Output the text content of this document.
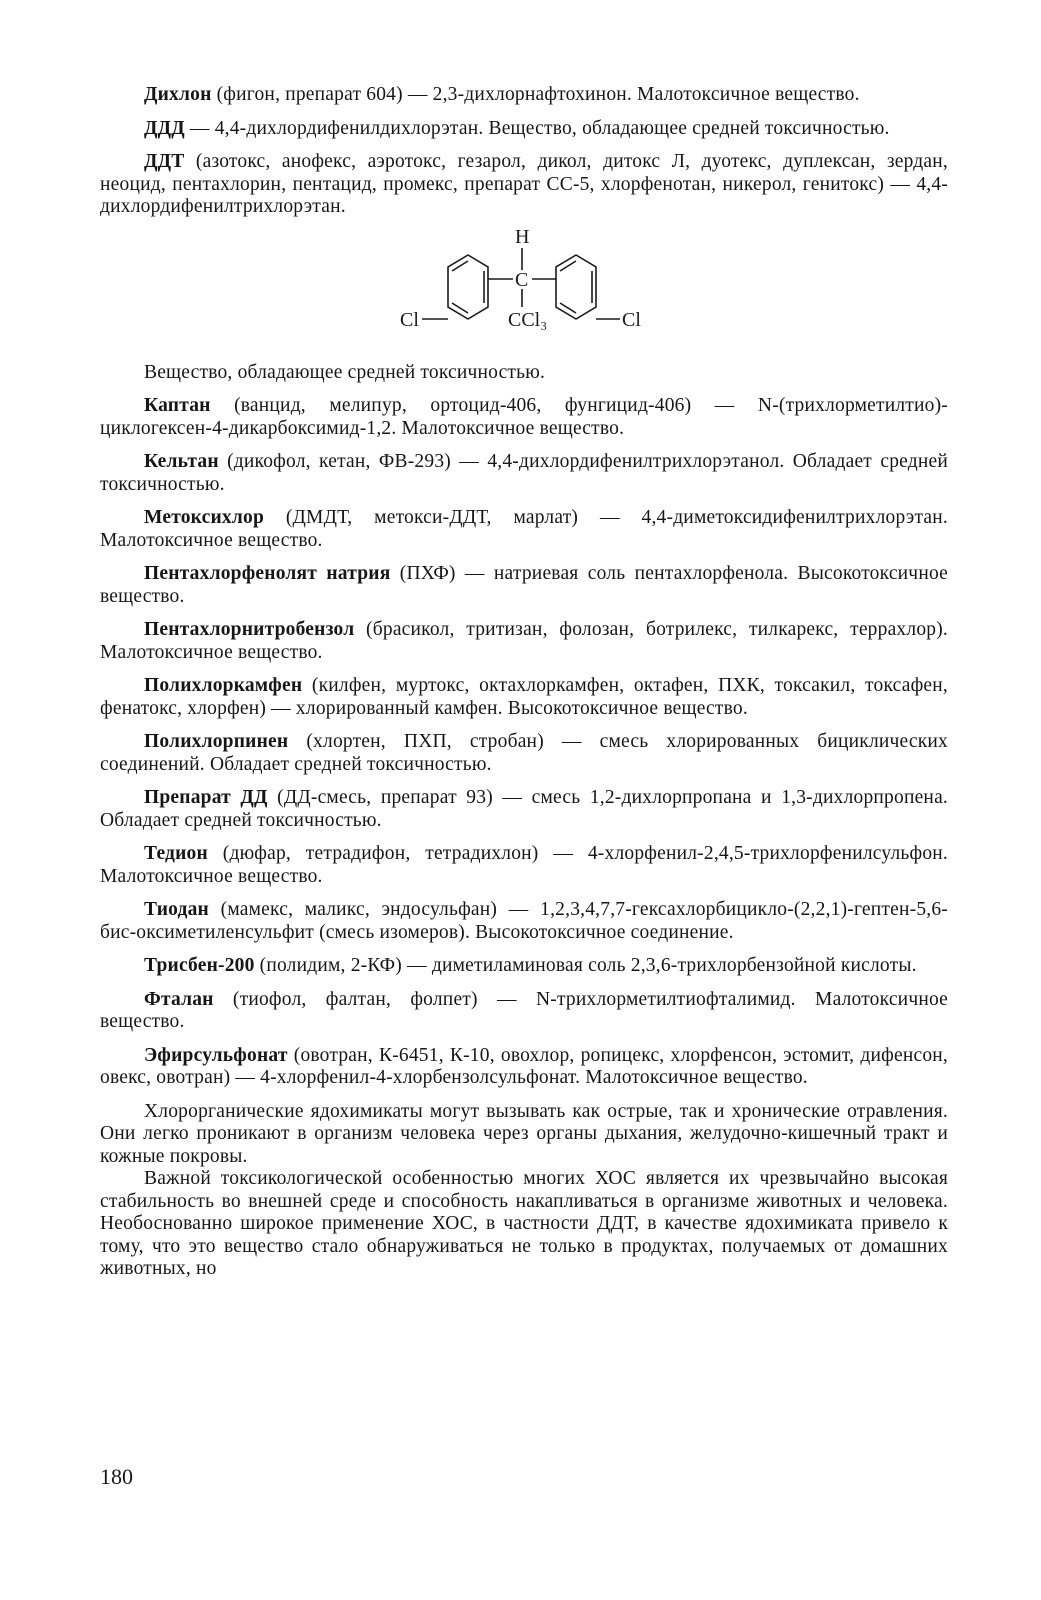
Дихлон (фигон, препарат 604) — 2,3-дихлорнафтохинон. Малотоксичное вещество.

ДДД — 4,4-дихлордифенилдихлорэтан. Вещество, обладающее средней токсичностью.

ДДТ (азотокс, анофекс, аэротокс, гезарол, дикол, дитокс Л, дуотекс, дуплексан, зердан, неоцид, пентахлорин, пентацид, промекс, препарат СС-5, хлорфенотан, никерол, генитокс) — 4,4-дихлордифенилтрихлорэтан.

H
C
Cl	Cl
CCl₃

Вещество, обладающее средней токсичностью.

Каптан (ванцид, мелипур, ортоцид-406, фунгицид-406) — N-(трихлорметилтио)-циклогексен-4-дикарбоксимид-1,2. Малотоксичное вещество.

Кельтан (дикофол, кетан, ФВ-293) — 4,4-дихлордифенилтрихлорэтанол. Обладает средней токсичностью.

Метоксихлор (ДМДТ, метокси-ДДТ, марлат) — 4,4-диметоксидифенилтрихлорэтан. Малотоксичное вещество.

Пентахлорфенолят натрия (ПХФ) — натриевая соль пентахлорфенола. Высокотоксичное вещество.

Пентахлорнитробензол (брасикол, тритизан, фолозан, ботрилекс, тилкарекс, террахлор). Малотоксичное вещество.

Полихлоркамфен (килфен, муртокс, октахлоркамфен, октафен, ПХК, токсакил, токсафен, фенатокс, хлорфен) — хлорированный камфен. Высокотоксичное вещество.

Полихлорпинен (хлортен, ПХП, стробан) — смесь хлорированных бициклических соединений. Обладает средней токсичностью.

Препарат ДД (ДД-смесь, препарат 93) — смесь 1,2-дихлорпропана и 1,3-дихлорпропена. Обладает средней токсичностью.

Тедион (дюфар, тетрадифон, тетрадихлон) — 4-хлорфенил-2,4,5-трихлорфенилсульфон. Малотоксичное вещество.

Тиодан (мамекс, маликс, эндосульфан) — 1,2,3,4,7,7-гексахлорбицикло-(2,2,1)-гептен-5,6-бис-оксиметиленсульфит (смесь изомеров). Высокотоксичное соединение.

Трисбен-200 (полидим, 2-КФ) — диметиламиновая соль 2,3,6-трихлорбензойной кислоты.

Фталан (тиофол, фалтан, фолпет) — N-трихлорметилтиофталимид. Малотоксичное вещество.

Эфирсульфонат (овотран, К-6451, К-10, овохлор, ропицекс, хлорфенсон, эстомит, дифенсон, овекс, овотран) — 4-хлорфенил-4-хлорбензолсульфонат. Малотоксичное вещество.

Хлорорганические ядохимикаты могут вызывать как острые, так и хронические отравления. Они легко проникают в организм человека через органы дыхания, желудочно-кишечный тракт и кожные покровы.

Важной токсикологической особенностью многих ХОС является их чрезвычайно высокая стабильность во внешней среде и способность накапливаться в организме животных и человека. Необоснованно широкое применение ХОС, в частности ДДТ, в качестве ядохимиката привело к тому, что это вещество стало обнаруживаться не только в продуктах, получаемых от домашних животных, но

180
